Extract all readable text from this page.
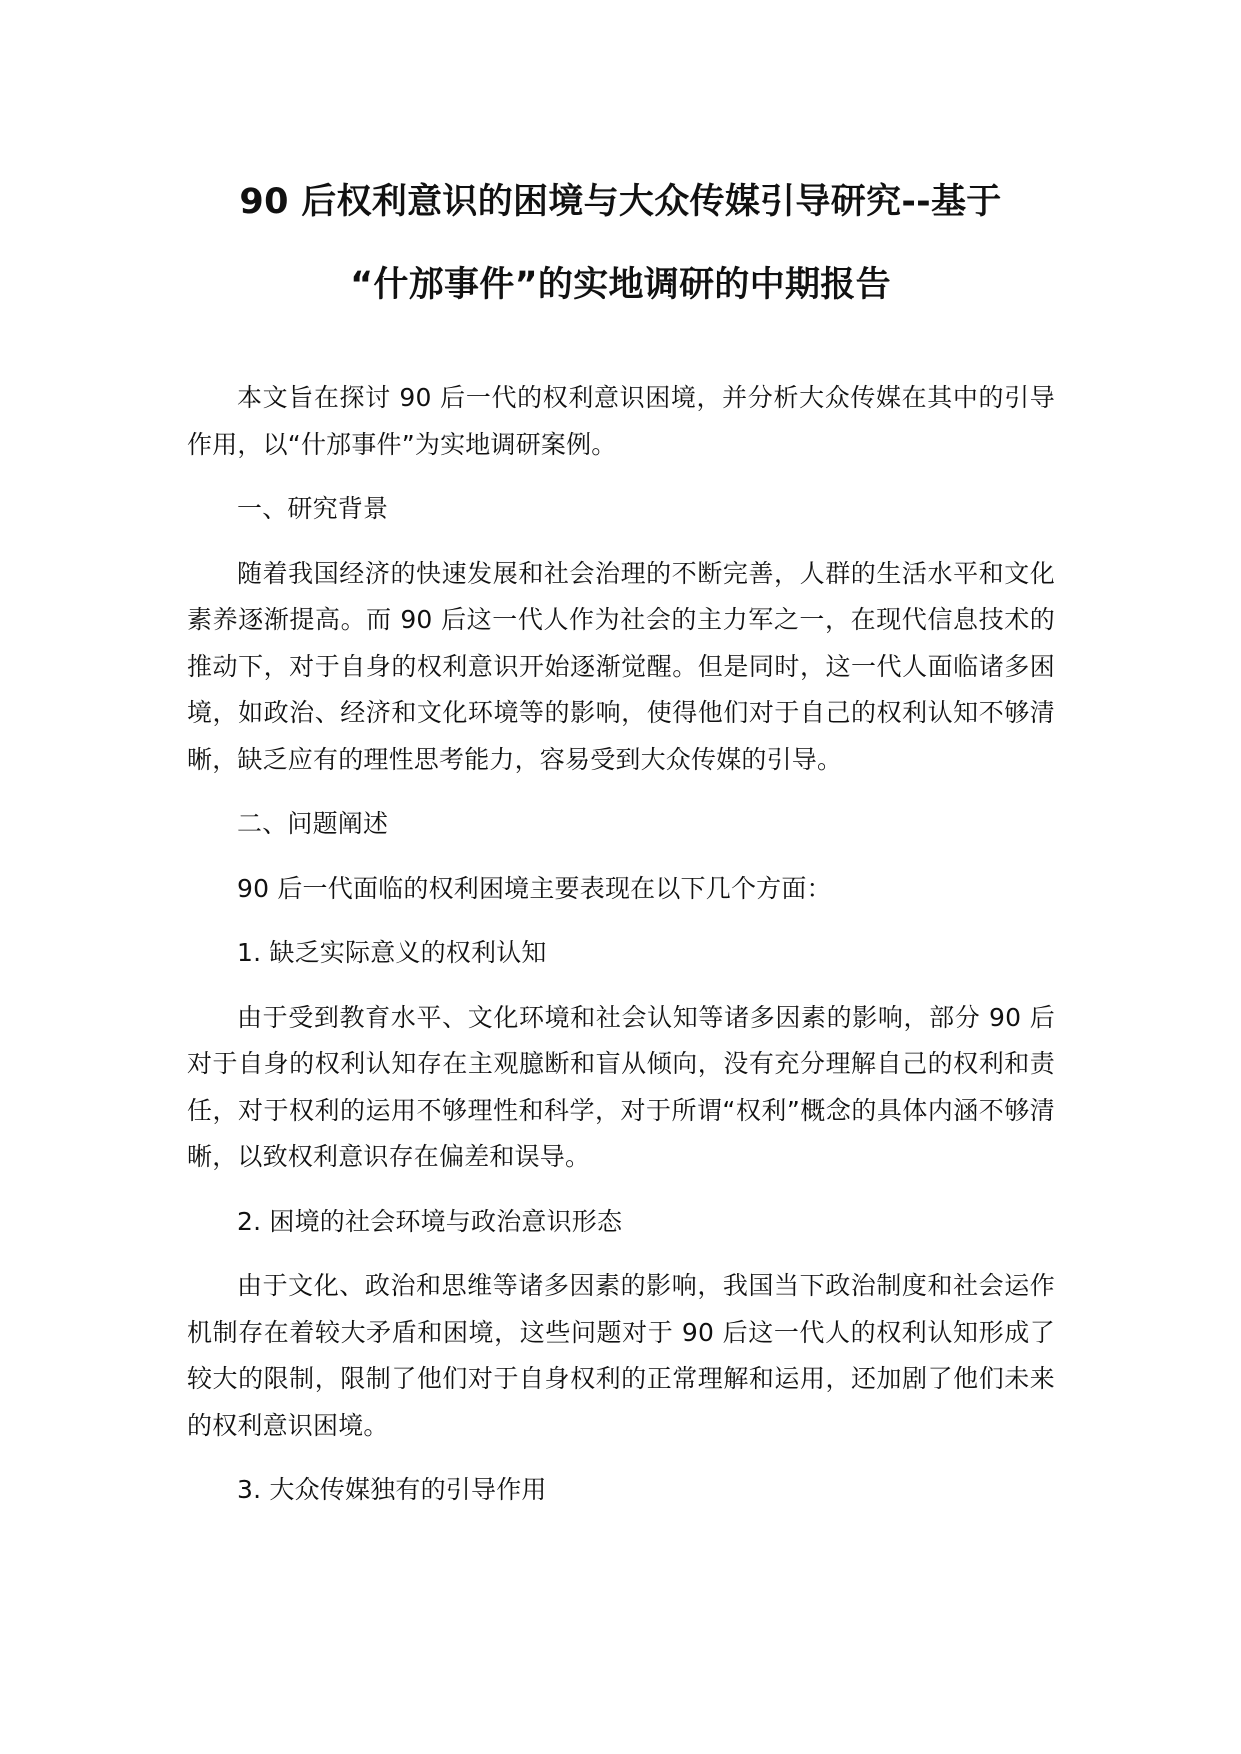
90 后权利意识的困境与大众传媒引导研究--基于
“什邡事件”的实地调研的中期报告

本文旨在探讨 90 后一代的权利意识困境，并分析大众传媒在其中的引导作用，以“什邡事件”为实地调研案例。

一、研究背景

随着我国经济的快速发展和社会治理的不断完善，人群的生活水平和文化素养逐渐提高。而 90 后这一代人作为社会的主力军之一，在现代信息技术的推动下，对于自身的权利意识开始逐渐觉醒。但是同时，这一代人面临诸多困境，如政治、经济和文化环境等的影响，使得他们对于自己的权利认知不够清晰，缺乏应有的理性思考能力，容易受到大众传媒的引导。

二、问题阐述

90 后一代面临的权利困境主要表现在以下几个方面：

1. 缺乏实际意义的权利认知

由于受到教育水平、文化环境和社会认知等诸多因素的影响，部分 90 后对于自身的权利认知存在主观臆断和盲从倾向，没有充分理解自己的权利和责任，对于权利的运用不够理性和科学，对于所谓“权利”概念的具体内涵不够清晰，以致权利意识存在偏差和误导。

2. 困境的社会环境与政治意识形态

由于文化、政治和思维等诸多因素的影响，我国当下政治制度和社会运作机制存在着较大矛盾和困境，这些问题对于 90 后这一代人的权利认知形成了较大的限制，限制了他们对于自身权利的正常理解和运用，还加剧了他们未来的权利意识困境。

3. 大众传媒独有的引导作用
